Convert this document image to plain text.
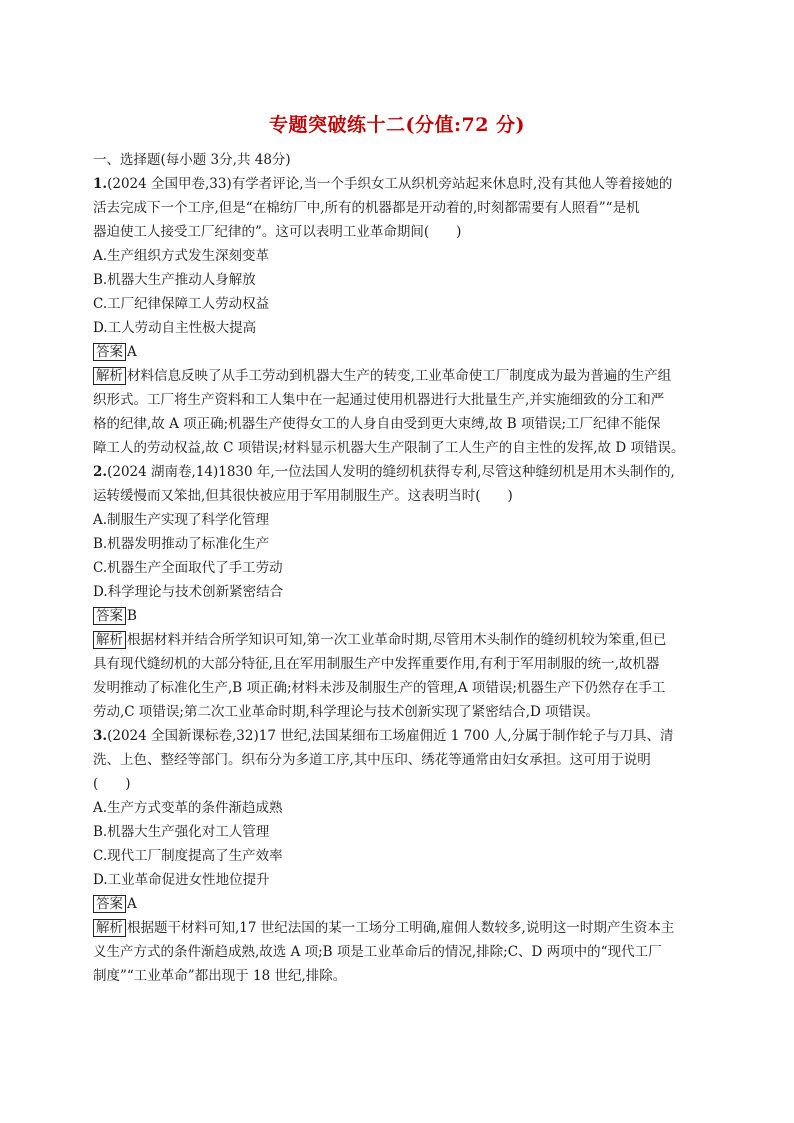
专题突破练十二(分值:72 分)
一、选择题(每小题 3分,共 48分)
1.(2024 全国甲卷,33)有学者评论,当一个手织女工从织机旁站起来休息时,没有其他人等着接她的
活去完成下一个工序,但是“在棉纺厂中,所有的机器都是开动着的,时刻都需要有人照看”“是机
器迫使工人接受工厂纪律的”。这可以表明工业革命期间(　　)
A.生产组织方式发生深刻变革
B.机器大生产推动人身解放
C.工厂纪律保障工人劳动权益
D.工人劳动自主性极大提高
答案 A
解析 材料信息反映了从手工劳动到机器大生产的转变,工业革命使工厂制度成为最为普遍的生产组
织形式。工厂将生产资料和工人集中在一起通过使用机器进行大批量生产,并实施细致的分工和严
格的纪律,故 A 项正确;机器生产使得女工的人身自由受到更大束缚,故 B 项错误;工厂纪律不能保
障工人的劳动权益,故 C 项错误;材料显示机器大生产限制了工人生产的自主性的发挥,故 D 项错误。
2.(2024 湖南卷,14)1830 年,一位法国人发明的缝纫机获得专利,尽管这种缝纫机是用木头制作的,
运转缓慢而又笨拙,但其很快被应用于军用制服生产。这表明当时(　　)
A.制服生产实现了科学化管理
B.机器发明推动了标准化生产
C.机器生产全面取代了手工劳动
D.科学理论与技术创新紧密结合
答案 B
解析 根据材料并结合所学知识可知,第一次工业革命时期,尽管用木头制作的缝纫机较为笨重,但已
具有现代缝纫机的大部分特征,且在军用制服生产中发挥重要作用,有利于军用制服的统一,故机器
发明推动了标准化生产,B 项正确;材料未涉及制服生产的管理,A 项错误;机器生产下仍然存在手工
劳动,C 项错误;第二次工业革命时期,科学理论与技术创新实现了紧密结合,D 项错误。
3.(2024 全国新课标卷,32)17 世纪,法国某细布工场雇佣近 1 700 人,分属于制作轮子与刀具、清
洗、上色、整经等部门。织布分为多道工序,其中压印、绣花等通常由妇女承担。这可用于说明
(　　)
A.生产方式变革的条件渐趋成熟
B.机器大生产强化对工人管理
C.现代工厂制度提高了生产效率
D.工业革命促进女性地位提升
答案 A
解析 根据题干材料可知,17 世纪法国的某一工场分工明确,雇佣人数较多,说明这一时期产生资本主
义生产方式的条件渐趋成熟,故选 A 项;B 项是工业革命后的情况,排除;C、D 两项中的“现代工厂
制度”“工业革命”都出现于 18 世纪,排除。
